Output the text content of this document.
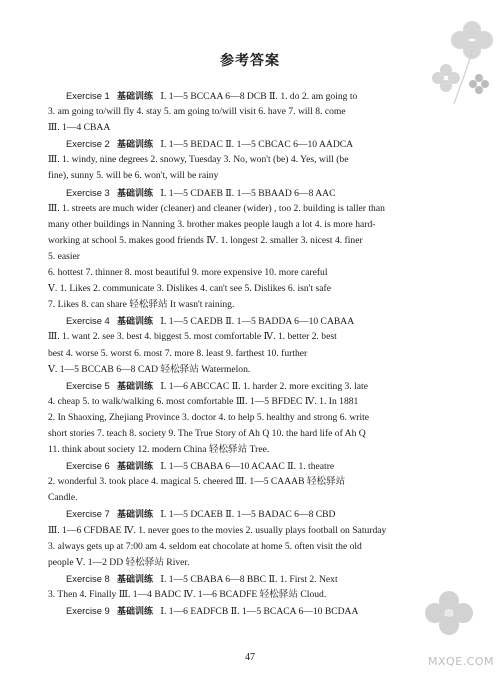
参考答案
Exercise 1 基础训练 Ⅰ. 1—5 BCCAA 6—8 DCB Ⅱ. 1. do 2. am going to
3. am going to/will fly 4. stay 5. am going to/will visit 6. have 7. will 8. come
Ⅲ. 1—4 CBAA
Exercise 2 基础训练 Ⅰ. 1—5 BEDAC Ⅱ. 1—5 CBCAC 6—10 AADCA
Ⅲ. 1. windy, nine degrees 2. snowy, Tuesday 3. No, won't (be) 4. Yes, will (be
fine), sunny 5. will be 6. won't, will be rainy
Exercise 3 基础训练 Ⅰ. 1—5 CDAEB Ⅱ. 1—5 BBAAD 6—8 AAC
Ⅲ. 1. streets are much wider (cleaner) and cleaner (wider) , too 2. building is taller than
many other buildings in Nanning 3. brother makes people laugh a lot 4. is more hard-
working at school 5. makes good friends Ⅳ. 1. longest 2. smaller 3. nicest 4. finer
5. easier
6. hottest 7. thinner 8. most beautiful 9. more expensive 10. more careful
Ⅴ. 1. Likes 2. communicate 3. Dislikes 4. can't see 5. Dislikes 6. isn't safe
7. Likes 8. can share 轻松驿站 It wasn't raining.
Exercise 4 基础训练 Ⅰ. 1—5 CAEDB Ⅱ. 1—5 BADDA 6—10 CABAA
Ⅲ. 1. want 2. see 3. best 4. biggest 5. most comfortable Ⅳ. 1. better 2. best
best 4. worse 5. worst 6. most 7. more 8. least 9. farthest 10. further
Ⅴ. 1—5 BCCAB 6—8 CAD 轻松驿站 Watermelon.
Exercise 5 基础训练 Ⅰ. 1—6 ABCCAC Ⅱ. 1. harder 2. more exciting 3. late
4. cheap 5. to walk/walking 6. most comfortable Ⅲ. 1—5 BFDEC Ⅳ. 1. In 1881
2. In Shaoxing, Zhejiang Province 3. doctor 4. to help 5. healthy and strong 6. write
short stories 7. teach 8. society 9. The True Story of Ah Q 10. the hard life of Ah Q
11. think about society 12. modern China 轻松驿站 Tree.
Exercise 6 基础训练 Ⅰ. 1—5 CBABA 6—10 ACAAC Ⅱ. 1. theatre
2. wonderful 3. took place 4. magical 5. cheered Ⅲ. 1—5 CAAAB 轻松驿站
Candle.
Exercise 7 基础训练 Ⅰ. 1—5 DCAEB Ⅱ. 1—5 BADAC 6—8 CBD
Ⅲ. 1—6 CFDBAE Ⅳ. 1. never goes to the movies 2. usually plays football on Saturday
3. always gets up at 7:00 am 4. seldom eat chocolate at home 5. often visit the old
people Ⅴ. 1—2 DD 轻松驿站 River.
Exercise 8 基础训练 Ⅰ. 1—5 CBABA 6—8 BBC Ⅱ. 1. First 2. Next
3. Then 4. Finally Ⅲ. 1—4 BADC Ⅳ. 1—6 BCADFE 轻松驿站 Cloud.
Exercise 9 基础训练 Ⅰ. 1—6 EADFCB Ⅱ. 1—5 BCACA 6—10 BCDAA
47	MXQE.COM
